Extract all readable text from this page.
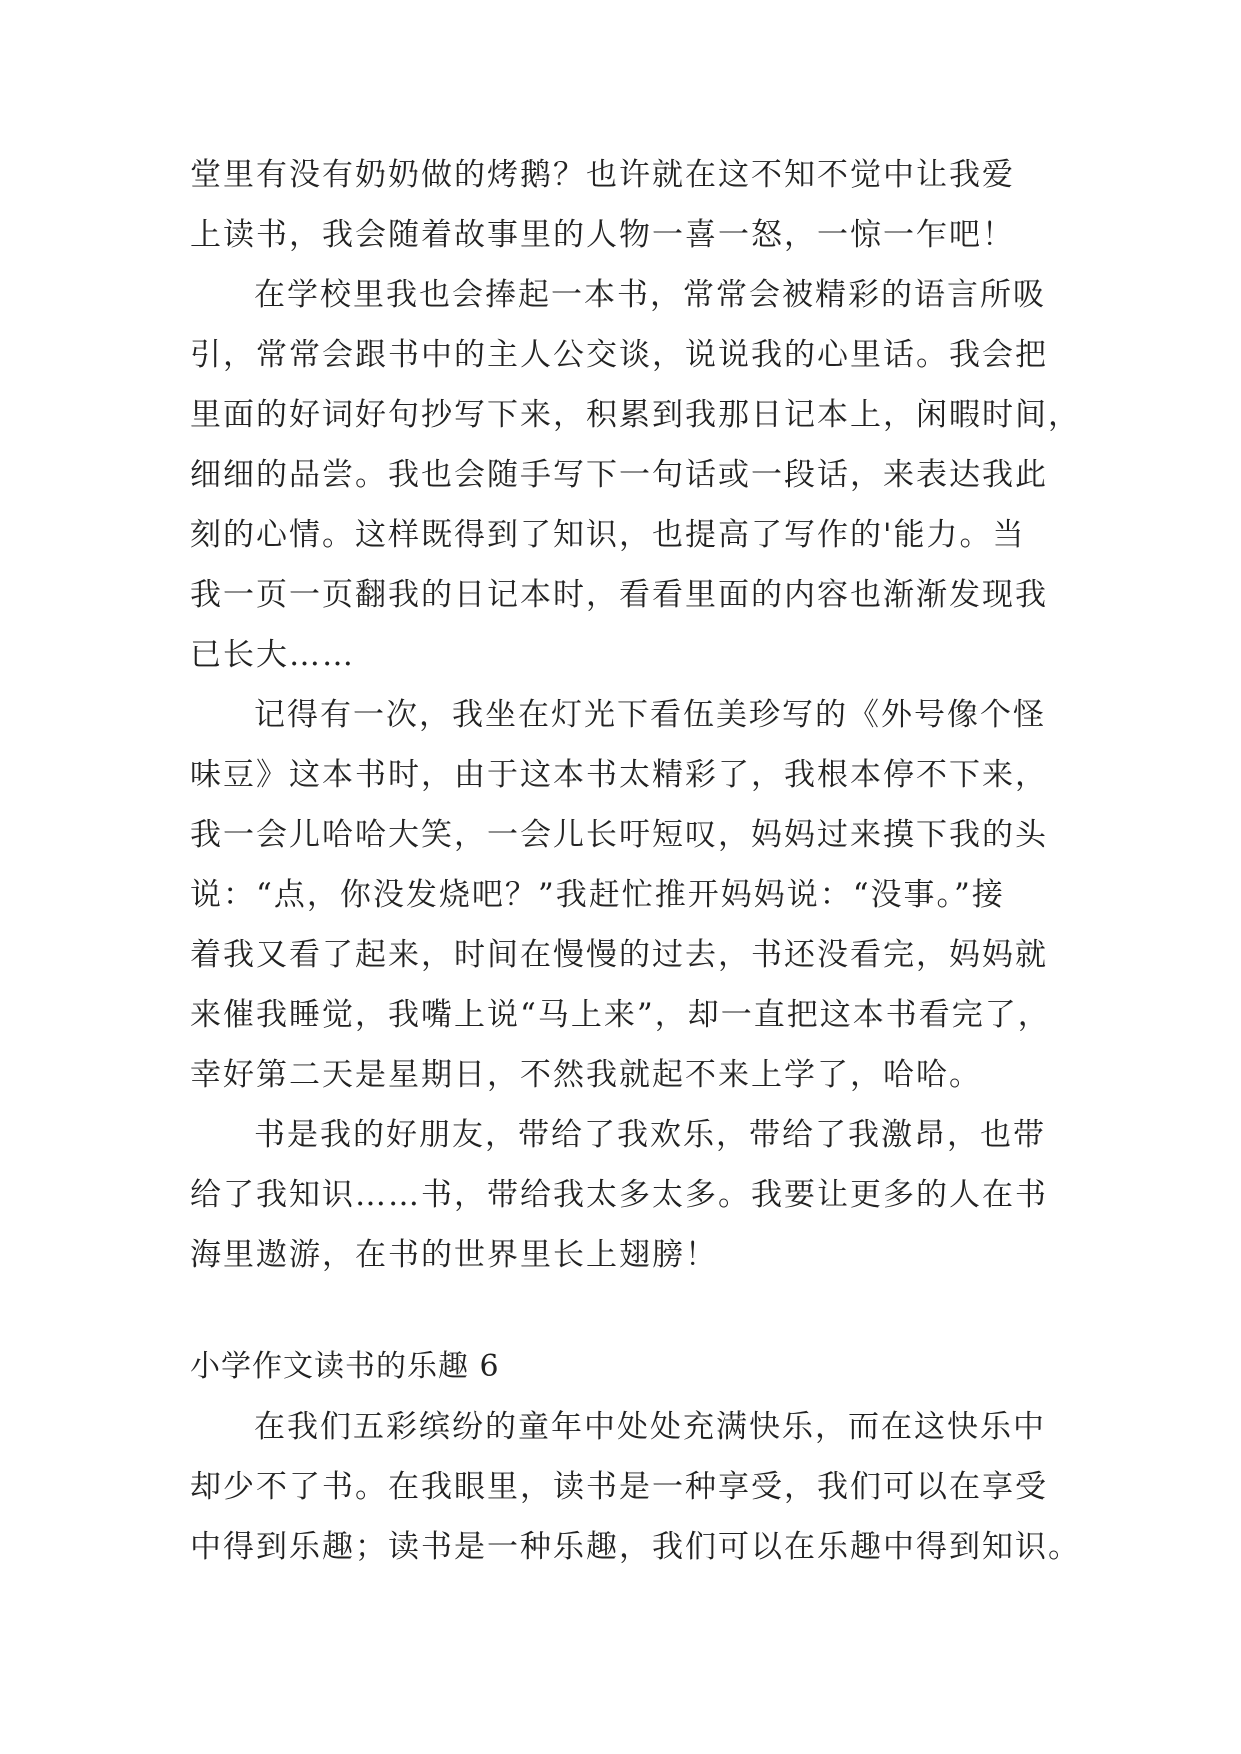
堂里有没有奶奶做的烤鹅？也许就在这不知不觉中让我爱
上读书，我会随着故事里的人物一喜一怒，一惊一乍吧！
在学校里我也会捧起一本书，常常会被精彩的语言所吸
引，常常会跟书中的主人公交谈，说说我的心里话。我会把
里面的好词好句抄写下来，积累到我那日记本上，闲暇时间，
细细的品尝。我也会随手写下一句话或一段话，来表达我此
刻的心情。这样既得到了知识，也提高了写作的'能力。当
我一页一页翻我的日记本时，看看里面的内容也渐渐发现我
已长大……
记得有一次，我坐在灯光下看伍美珍写的《外号像个怪
味豆》这本书时，由于这本书太精彩了，我根本停不下来，
我一会儿哈哈大笑，一会儿长吁短叹，妈妈过来摸下我的头
说：“点，你没发烧吧？”我赶忙推开妈妈说：“没事。”接
着我又看了起来，时间在慢慢的过去，书还没看完，妈妈就
来催我睡觉，我嘴上说“马上来”，却一直把这本书看完了，
幸好第二天是星期日，不然我就起不来上学了，哈哈。
书是我的好朋友，带给了我欢乐，带给了我激昂，也带
给了我知识……书，带给我太多太多。我要让更多的人在书
海里遨游，在书的世界里长上翅膀！
小学作文读书的乐趣 6
在我们五彩缤纷的童年中处处充满快乐，而在这快乐中
却少不了书。在我眼里，读书是一种享受，我们可以在享受
中得到乐趣；读书是一种乐趣，我们可以在乐趣中得到知识。
